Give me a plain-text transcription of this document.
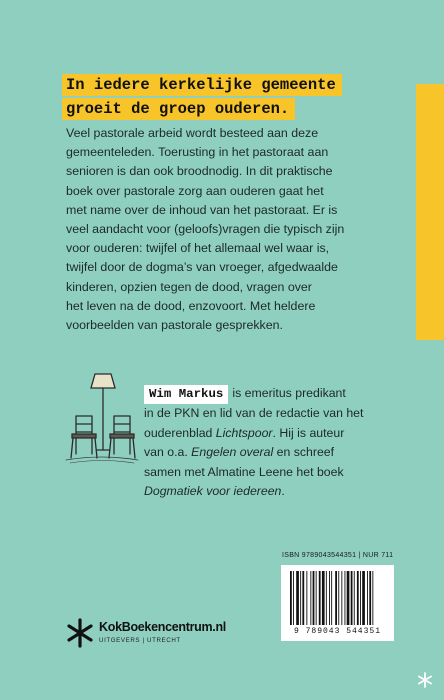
In iedere kerkelijke gemeente
groeit de groep ouderen.
Veel pastorale arbeid wordt besteed aan deze
gemeenteleden. Toerusting in het pastoraat aan
senioren is dan ook broodnodig. In dit praktische
boek over pastorale zorg aan ouderen gaat het
met name over de inhoud van het pastoraat. Er is
veel aandacht voor (geloofs)vragen die typisch zijn
voor ouderen: twijfel of het allemaal wel waar is,
twijfel door de dogma’s van vroeger, afgedwaalde
kinderen, opzien tegen de dood, vragen over
het leven na de dood, enzovoort. Met heldere
voorbeelden van pastorale gesprekken.
Wim Markus is emeritus predikant
in de PKN en lid van de redactie van het
ouderenblad Lichtspoor. Hij is auteur
van o.a. Engelen overal en schreef
samen met Almatine Leene het boek
Dogmatiek voor iedereen.
ISBN 9789043544351 | NUR 711
9 789043 544351
KokBoekencentrum.nl
UITGEVERS | UTRECHT
